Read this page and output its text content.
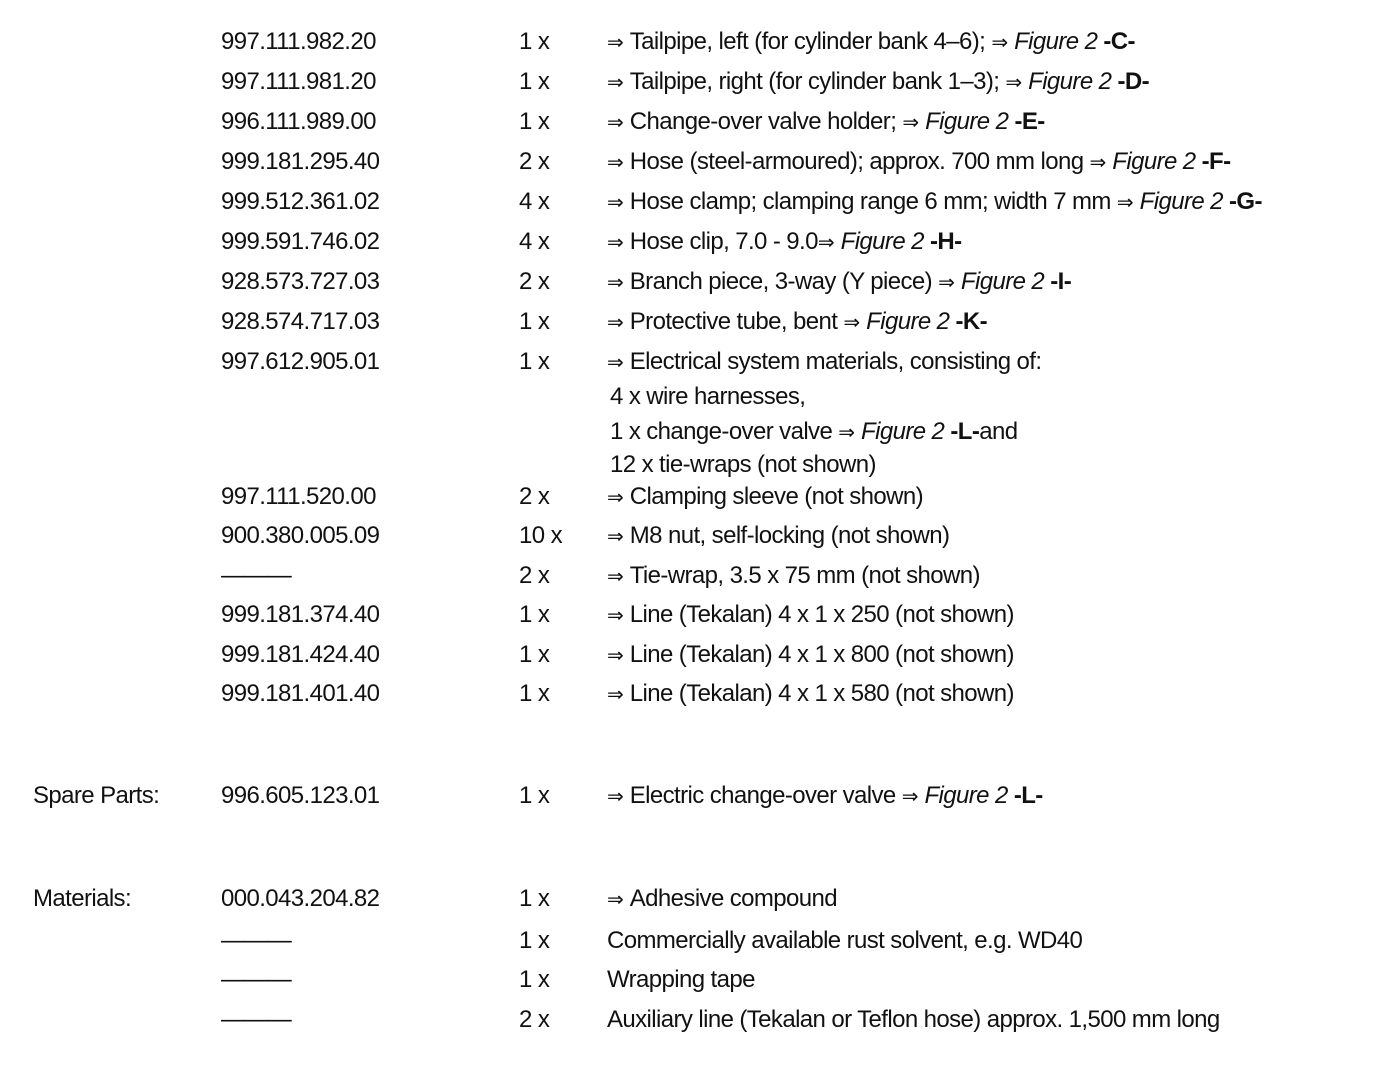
997.111.982.20	1 x	⇒ Tailpipe, left (for cylinder bank 4–6); ⇒ Figure 2 -C-
997.111.981.20	1 x	⇒ Tailpipe, right (for cylinder bank 1–3); ⇒ Figure 2 -D-
996.111.989.00	1 x	⇒ Change-over valve holder; ⇒ Figure 2 -E-
999.181.295.40	2 x	⇒ Hose (steel-armoured); approx. 700 mm long ⇒ Figure 2 -F-
999.512.361.02	4 x	⇒ Hose clamp; clamping range 6 mm; width 7 mm ⇒ Figure 2 -G-
999.591.746.02	4 x	⇒ Hose clip, 7.0 - 9.0⇒ Figure 2 -H-
928.573.727.03	2 x	⇒ Branch piece, 3-way (Y piece) ⇒ Figure 2 -I-
928.574.717.03	1 x	⇒ Protective tube, bent ⇒ Figure 2 -K-
997.612.905.01	1 x	⇒ Electrical system materials, consisting of:
4 x wire harnesses,
1 x change-over valve ⇒ Figure 2 -L-and
12 x tie-wraps (not shown)
997.111.520.00	2 x	⇒ Clamping sleeve (not shown)
900.380.005.09	10 x ⇒ M8 nut, self-locking (not shown)
———	2 x	⇒ Tie-wrap, 3.5 x 75 mm (not shown)
999.181.374.40	1 x	⇒ Line (Tekalan) 4 x 1 x 250 (not shown)
999.181.424.40	1 x	⇒ Line (Tekalan) 4 x 1 x 800 (not shown)
999.181.401.40	1 x	⇒ Line (Tekalan) 4 x 1 x 580 (not shown)
Spare Parts:	996.605.123.01	1 x	⇒ Electric change-over valve ⇒ Figure 2 -L-
Materials:	000.043.204.82	1 x	⇒ Adhesive compound
———	1 x Commercially available rust solvent, e.g. WD40
———	1 x Wrapping tape
———	2 x Auxiliary line (Tekalan or Teflon hose) approx. 1,500 mm long
